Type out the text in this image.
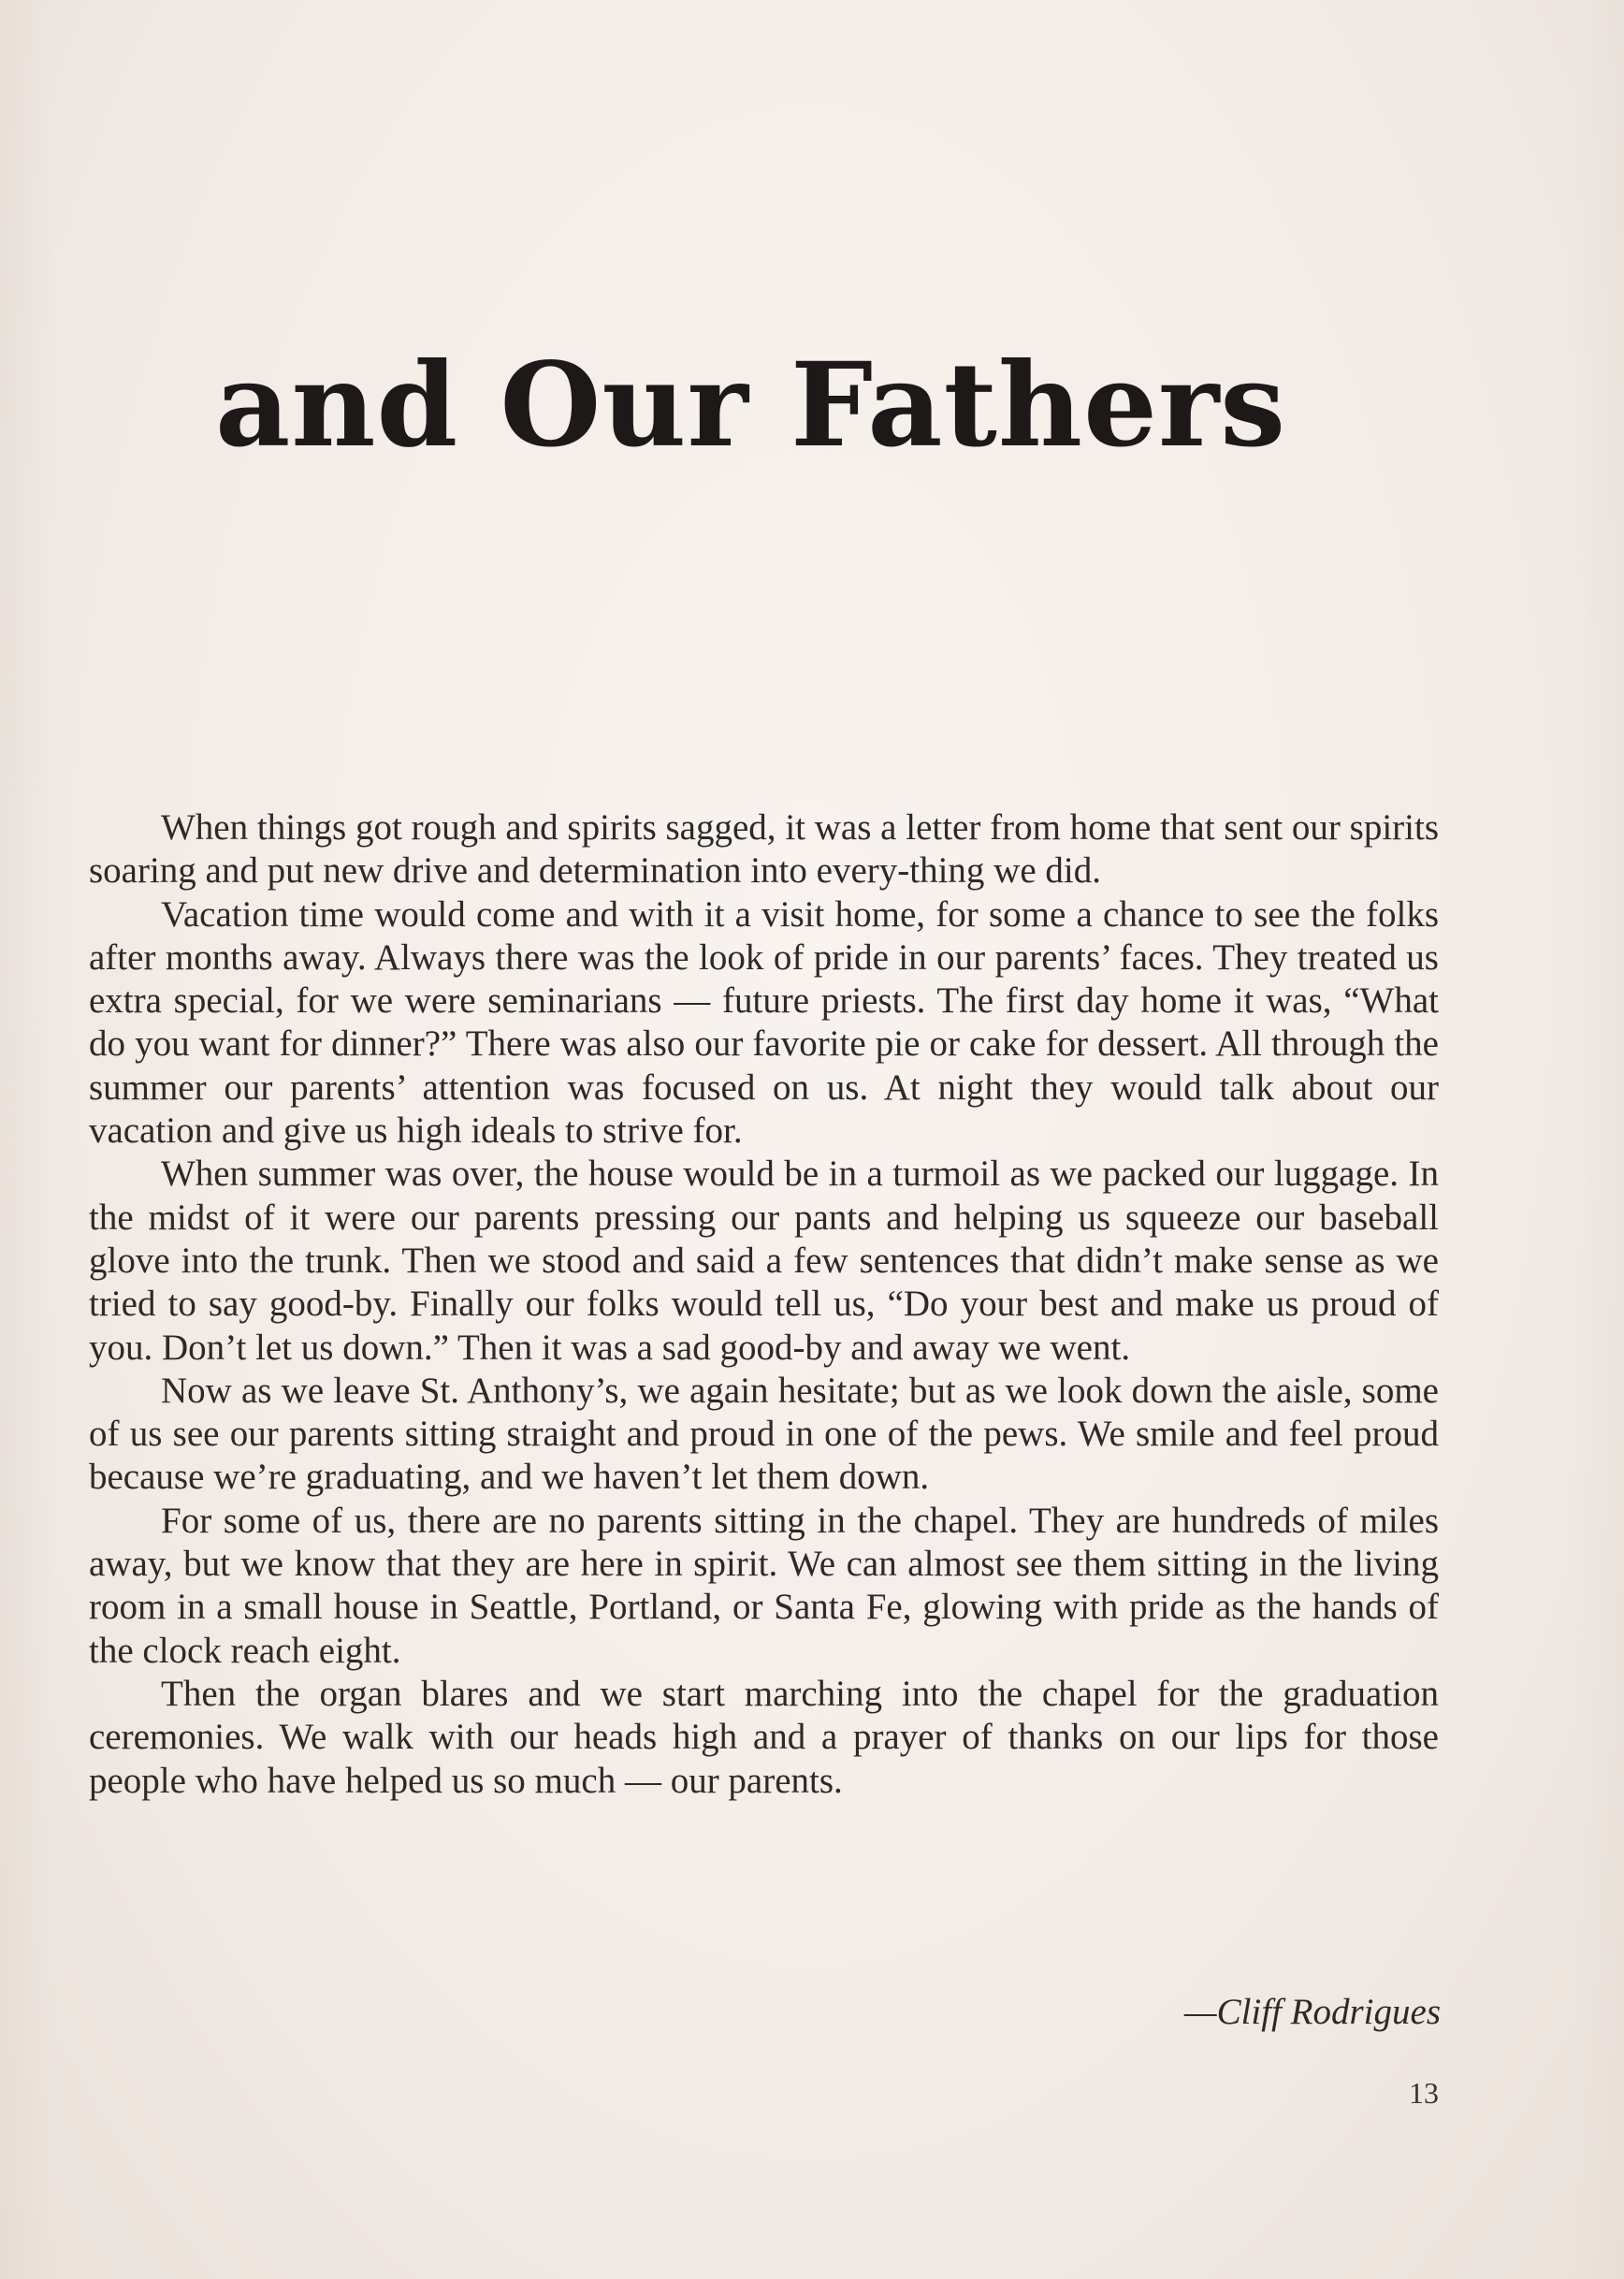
and Our Fathers

When things got rough and spirits sagged, it was a letter from home that sent our spirits soaring and put new drive and determination into every-thing we did.

Vacation time would come and with it a visit home, for some a chance to see the folks after months away. Always there was the look of pride in our parents’ faces. They treated us extra special, for we were seminarians — future priests. The first day home it was, “What do you want for dinner?” There was also our favorite pie or cake for dessert. All through the summer our parents’ attention was focused on us. At night they would talk about our vacation and give us high ideals to strive for.

When summer was over, the house would be in a turmoil as we packed our luggage. In the midst of it were our parents pressing our pants and helping us squeeze our baseball glove into the trunk. Then we stood and said a few sentences that didn’t make sense as we tried to say good-by. Finally our folks would tell us, “Do your best and make us proud of you. Don’t let us down.” Then it was a sad good-by and away we went.

Now as we leave St. Anthony’s, we again hesitate; but as we look down the aisle, some of us see our parents sitting straight and proud in one of the pews. We smile and feel proud because we’re graduating, and we haven’t let them down.

For some of us, there are no parents sitting in the chapel. They are hundreds of miles away, but we know that they are here in spirit. We can almost see them sitting in the living room in a small house in Seattle, Portland, or Santa Fe, glowing with pride as the hands of the clock reach eight.

Then the organ blares and we start marching into the chapel for the graduation ceremonies. We walk with our heads high and a prayer of thanks on our lips for those people who have helped us so much — our parents.

—Cliff Rodrigues

13
